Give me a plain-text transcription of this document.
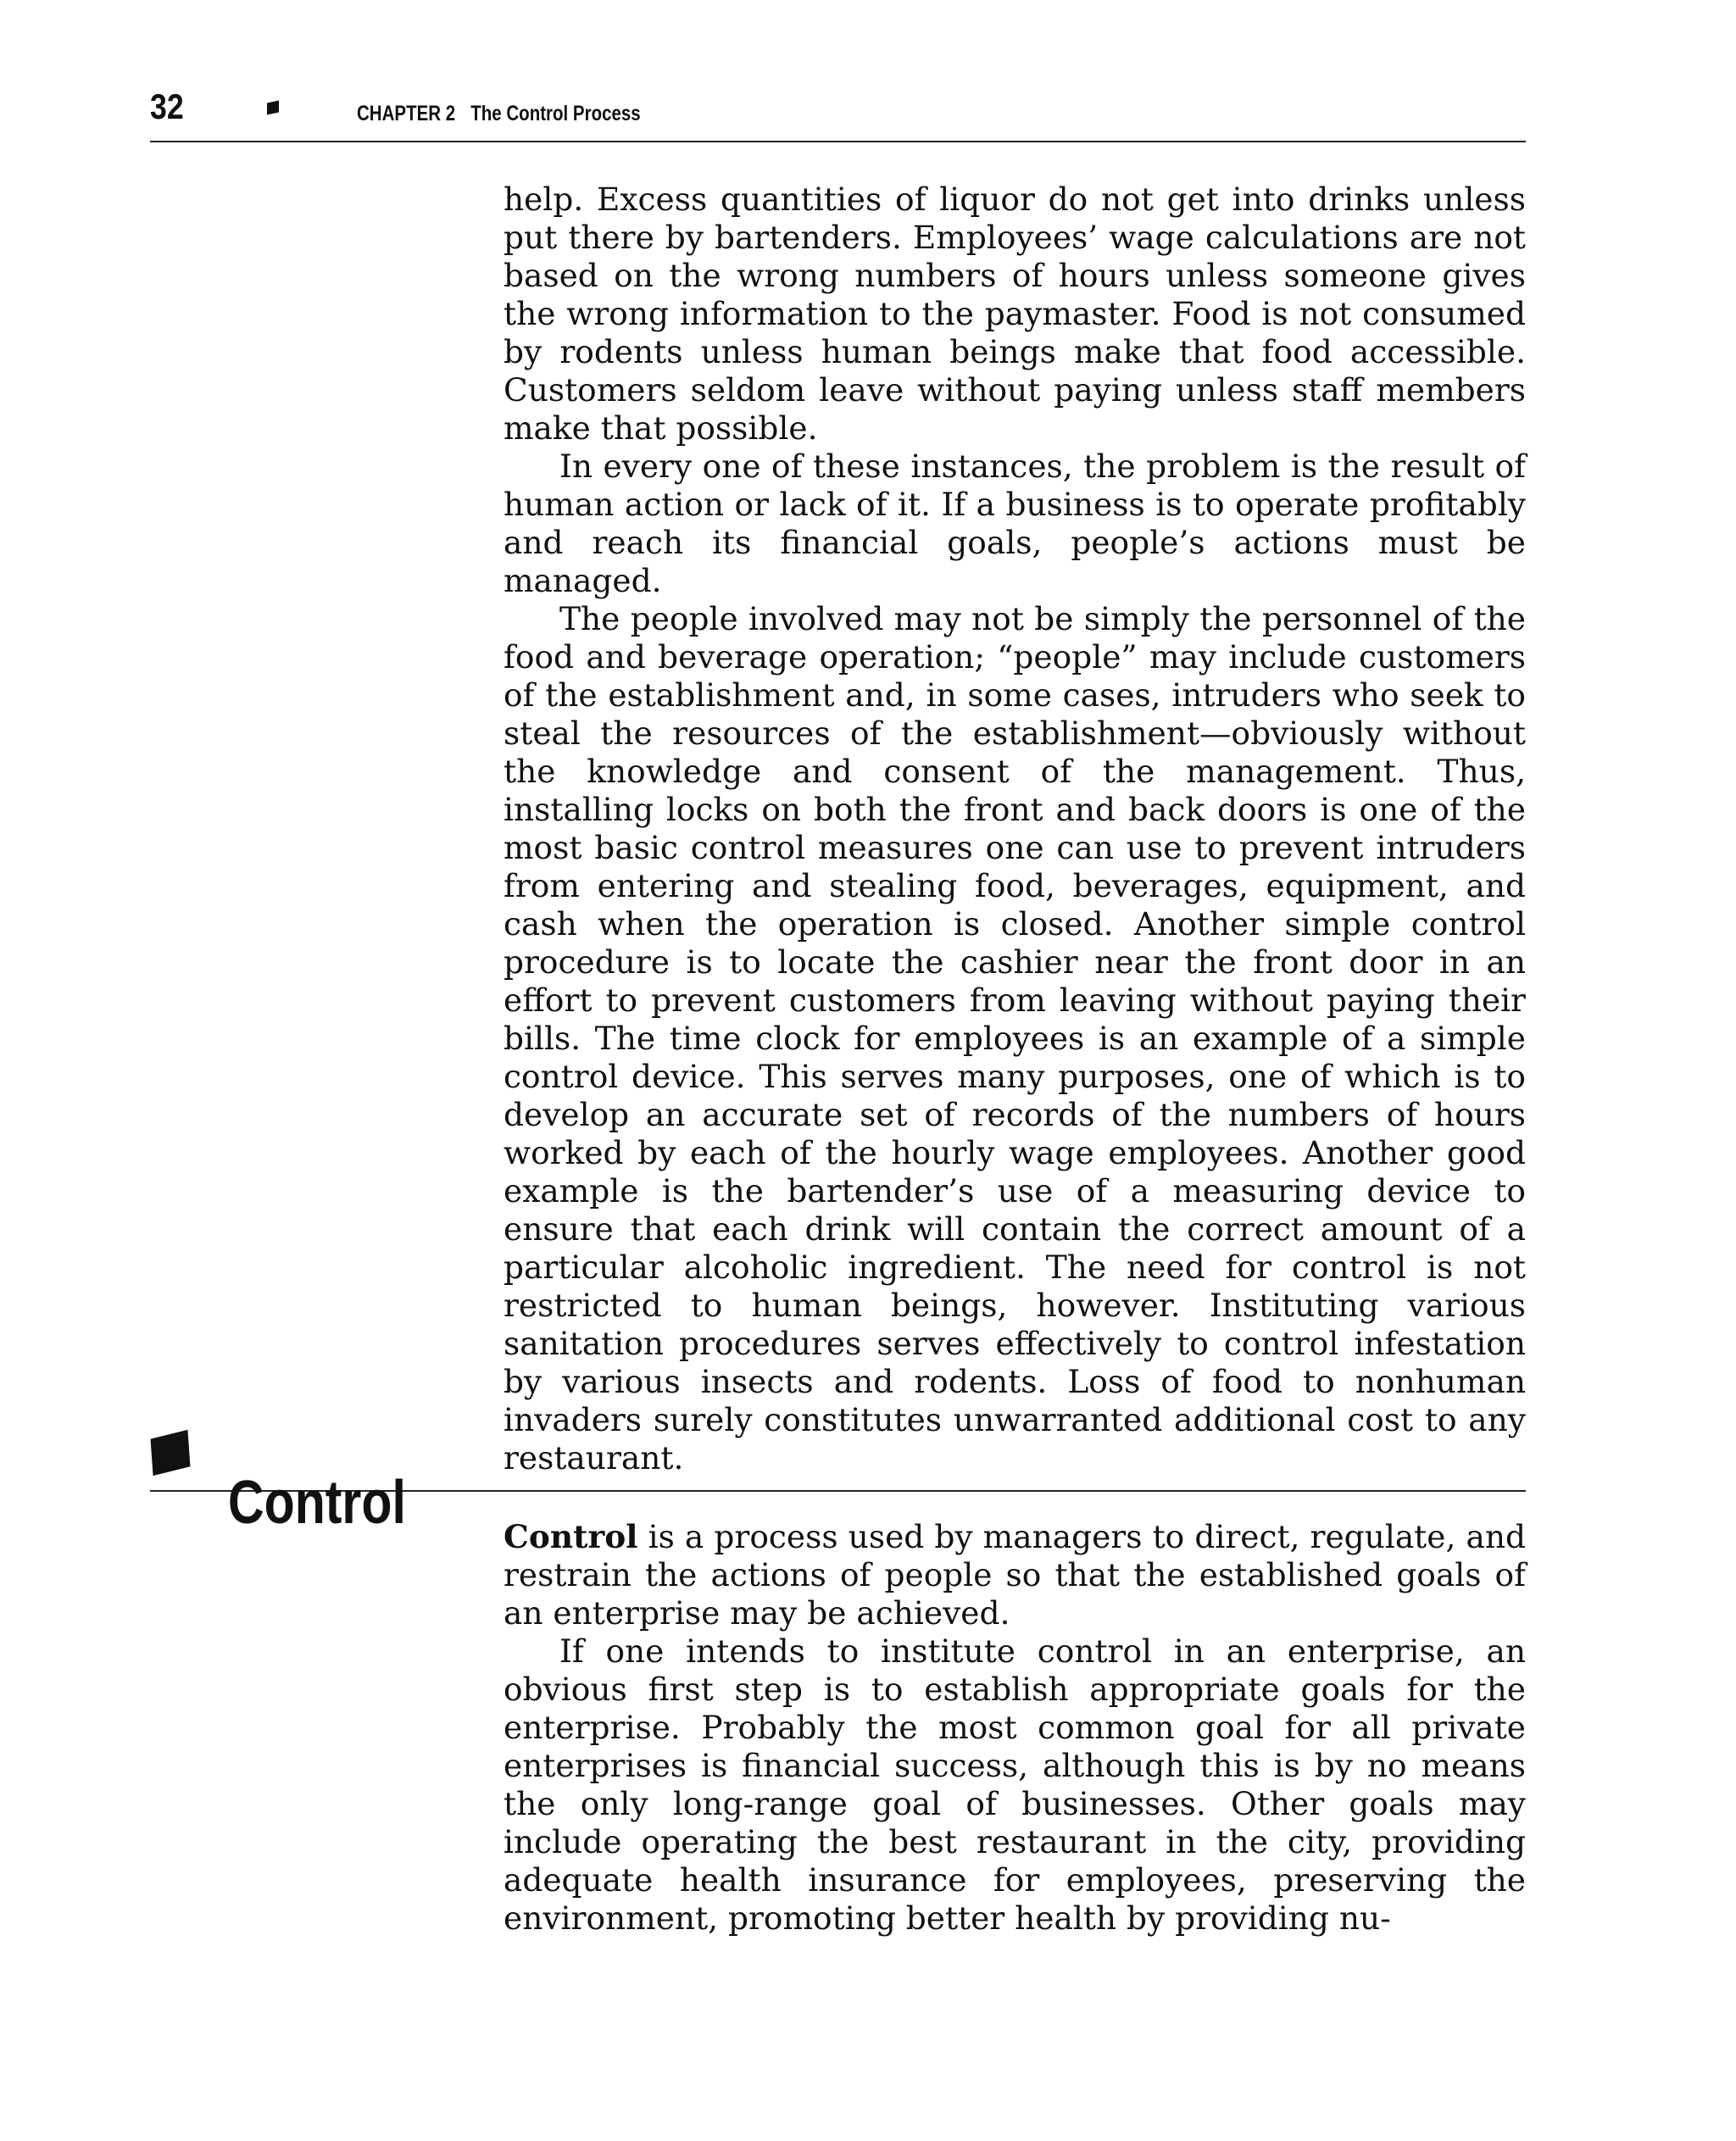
32	CHAPTER 2 The Control Process

help. Excess quantities of liquor do not get into drinks unless put there by bartenders. Employees’ wage calculations are not based on the wrong numbers of hours unless someone gives the wrong information to the paymaster. Food is not consumed by rodents unless human beings make that food accessible. Customers seldom leave without paying unless staff members make that possible.

In every one of these instances, the problem is the result of human action or lack of it. If a business is to operate profitably and reach its financial goals, people’s actions must be managed.

The people involved may not be simply the personnel of the food and beverage operation; “people” may include customers of the establishment and, in some cases, intruders who seek to steal the resources of the establishment—obviously without the knowledge and consent of the management. Thus, installing locks on both the front and back doors is one of the most basic control measures one can use to prevent intruders from entering and stealing food, beverages, equipment, and cash when the operation is closed. Another simple control procedure is to locate the cashier near the front door in an effort to prevent customers from leaving without paying their bills. The time clock for employees is an example of a simple control device. This serves many purposes, one of which is to develop an accurate set of records of the numbers of hours worked by each of the hourly wage employees. Another good example is the bartender’s use of a measuring device to ensure that each drink will contain the correct amount of a particular alcoholic ingredient. The need for control is not restricted to human beings, however. Instituting various sanitation procedures serves effectively to control infestation by various insects and rodents. Loss of food to nonhuman invaders surely constitutes unwarranted additional cost to any restaurant.

Control

Control is a process used by managers to direct, regulate, and restrain the actions of people so that the established goals of an enterprise may be achieved.

If one intends to institute control in an enterprise, an obvious first step is to establish appropriate goals for the enterprise. Probably the most common goal for all private enterprises is financial success, although this is by no means the only long-range goal of businesses. Other goals may include operating the best restaurant in the city, providing adequate health insurance for employees, preserving the environment, promoting better health by providing nu-
